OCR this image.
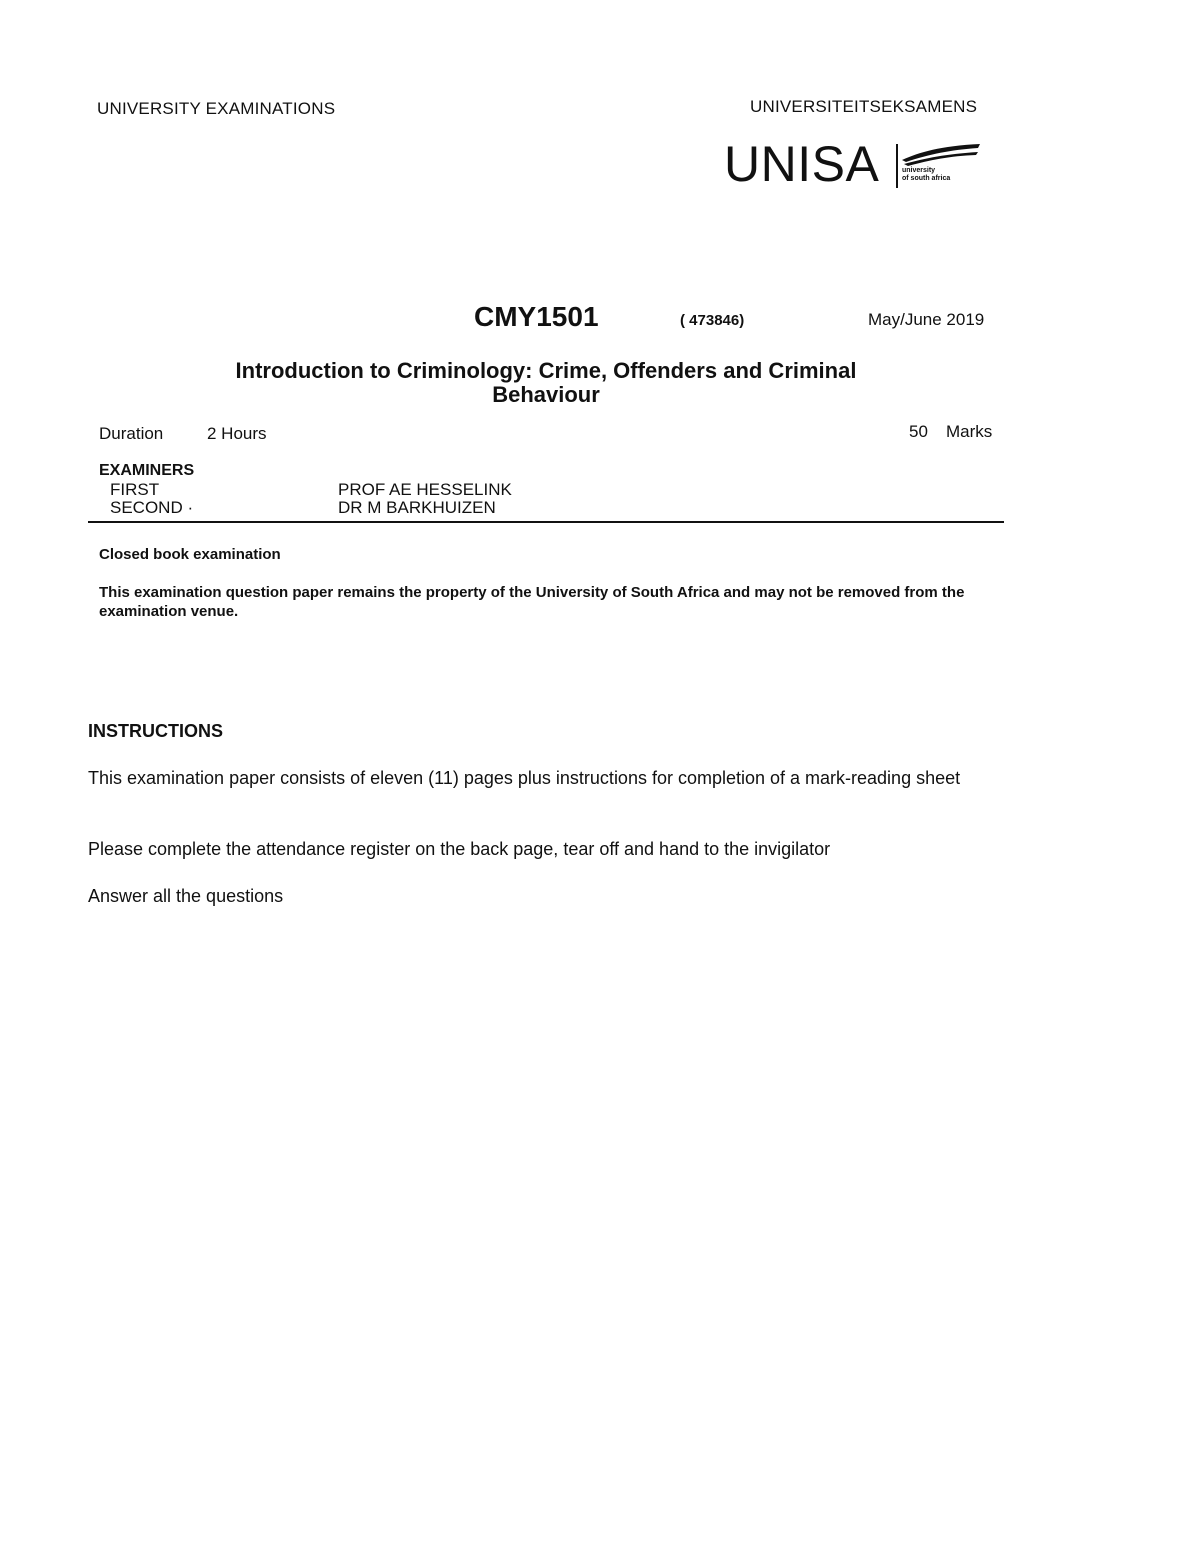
UNIVERSITY EXAMINATIONS	UNIVERSITEITSEKSAMENS
UNISA	university
of south africa
CMY1501	( 473846)	May/June 2019
Introduction to Criminology: Crime, Offenders and Criminal
Behaviour
Duration	2 Hours	50 Marks
EXAMINERS
FIRST	PROF AE HESSELINK
SECOND ·	DR M BARKHUIZEN
Closed book examination
This examination question paper remains the property of the University of South Africa and may not be removed from the examination venue.
INSTRUCTIONS
This examination paper consists of eleven (11) pages plus instructions for completion of a mark-reading sheet
Please complete the attendance register on the back page, tear off and hand to the invigilator
Answer all the questions
